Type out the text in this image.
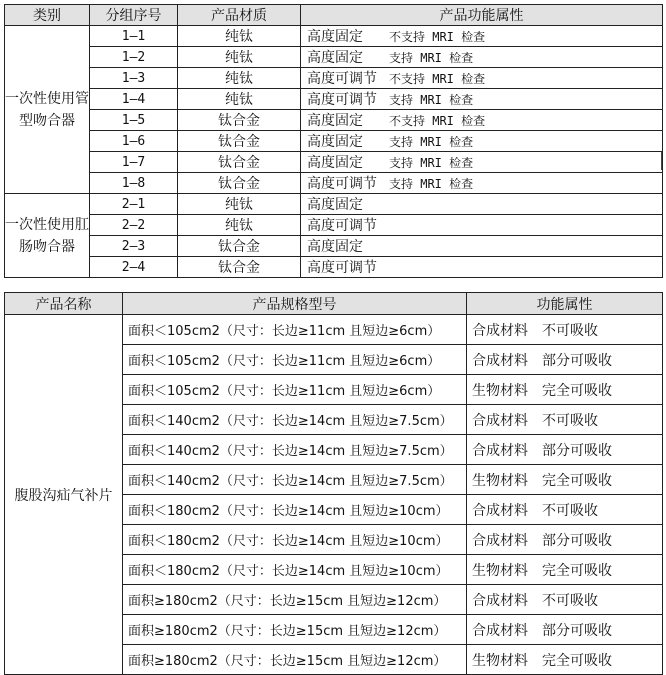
类别	分组序号	产品材质	产品功能属性
一次性使用管型吻合器	1—1	纯钛	高度固定 不支持 MRI 检查
	1—2	纯钛	高度固定 支持 MRI 检查
	1—3	纯钛	高度可调节 不支持 MRI 检查
	1—4	纯钛	高度可调节 支持 MRI 检查
	1—5	钛合金	高度固定 不支持 MRI 检查
	1—6	钛合金	高度固定 支持 MRI 检查
	1—7	钛合金	高度固定 支持 MRI 检查
	1—8	钛合金	高度可调节 支持 MRI 检查
一次性使用肛肠吻合器	2—1	纯钛	高度固定
	2—2	纯钛	高度可调节
	2—3	钛合金	高度固定
	2—4	钛合金	高度可调节
产品名称	产品规格型号	功能属性
腹股沟疝气补片	面积＜105cm2（尺寸：长边≥11cm 且短边≥6cm）	合成材料 不可吸收
	面积＜105cm2（尺寸：长边≥11cm 且短边≥6cm）	合成材料 部分可吸收
	面积＜105cm2（尺寸：长边≥11cm 且短边≥6cm）	生物材料 完全可吸收
	面积＜140cm2（尺寸：长边≥14cm 且短边≥7.5cm）	合成材料 不可吸收
	面积＜140cm2（尺寸：长边≥14cm 且短边≥7.5cm）	合成材料 部分可吸收
	面积＜140cm2（尺寸：长边≥14cm 且短边≥7.5cm）	生物材料 完全可吸收
	面积＜180cm2（尺寸：长边≥14cm 且短边≥10cm）	合成材料 不可吸收
	面积＜180cm2（尺寸：长边≥14cm 且短边≥10cm）	合成材料 部分可吸收
	面积＜180cm2（尺寸：长边≥14cm 且短边≥10cm）	生物材料 完全可吸收
	面积≥180cm2（尺寸：长边≥15cm 且短边≥12cm）	合成材料 不可吸收
	面积≥180cm2（尺寸：长边≥15cm 且短边≥12cm）	合成材料 部分可吸收
	面积≥180cm2（尺寸：长边≥15cm 且短边≥12cm）	生物材料 完全可吸收
